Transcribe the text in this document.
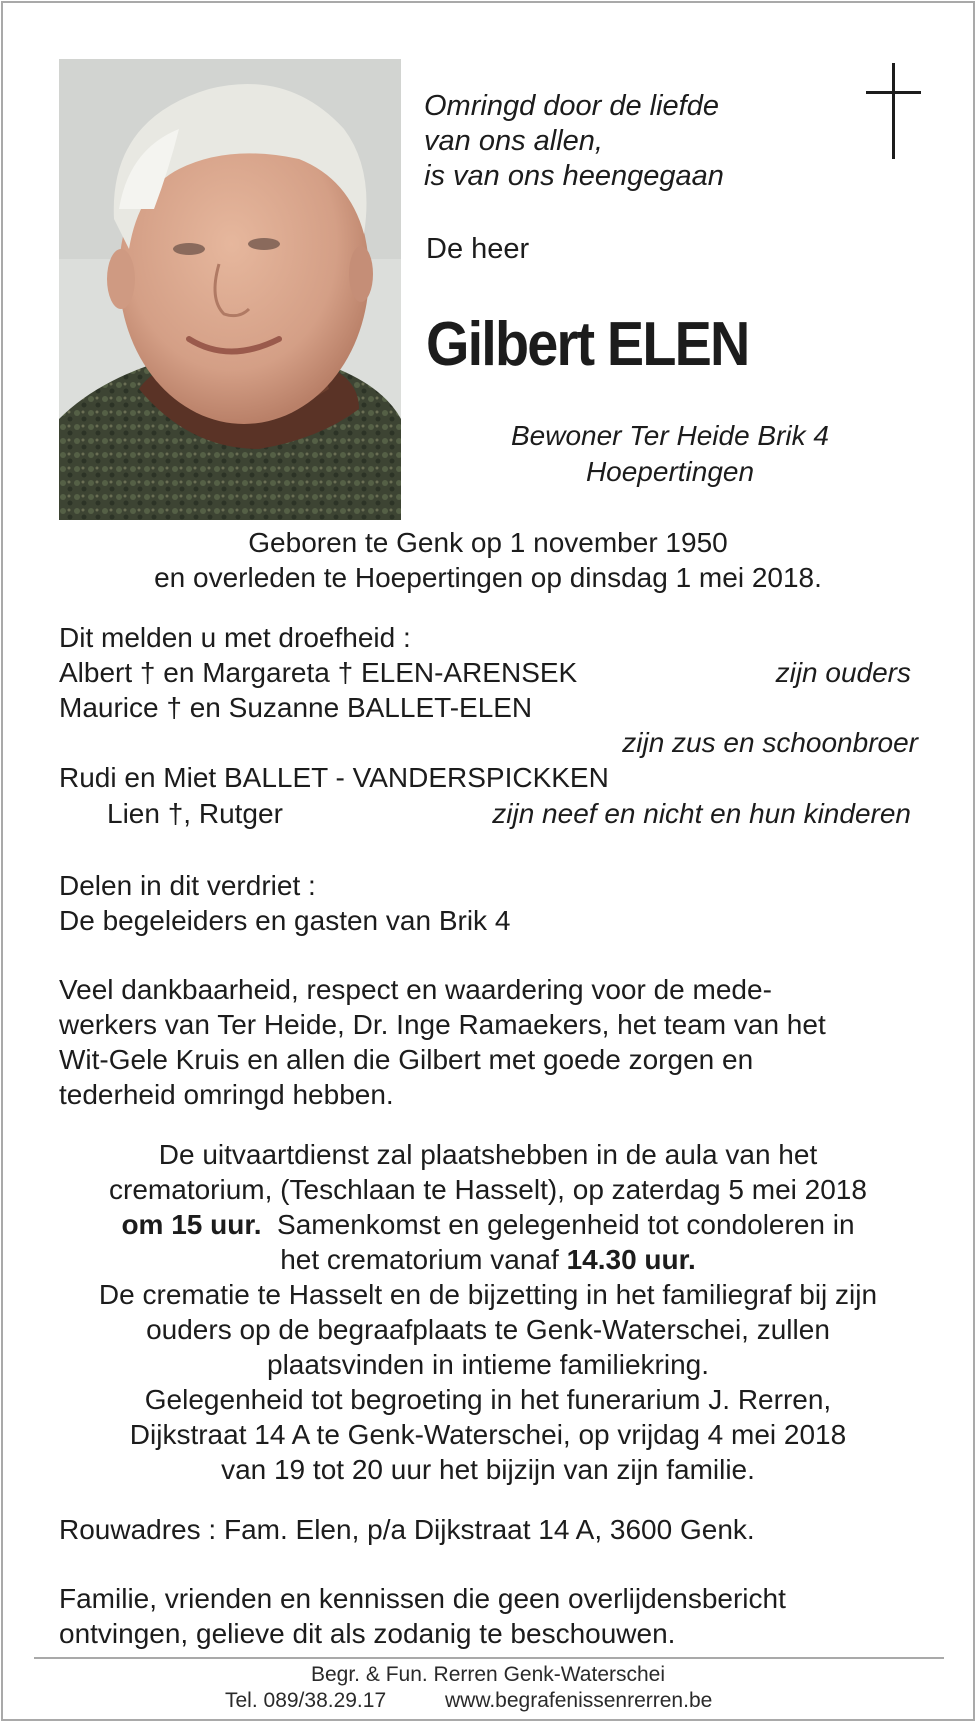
Omringd door de liefde
van ons allen,
is van ons heengegaan
De heer
Gilbert ELEN
Bewoner Ter Heide Brik 4
Hoepertingen
Geboren te Genk op 1 november 1950
en overleden te Hoepertingen op dinsdag 1 mei 2018.
Dit melden u met droefheid :
Albert † en Margareta † ELEN-ARENSEK	zijn ouders
Maurice † en Suzanne BALLET-ELEN
zijn zus en schoonbroer
Rudi en Miet BALLET - VANDERSPICKKEN
Lien †, Rutger	zijn neef en nicht en hun kinderen
Delen in dit verdriet :
De begeleiders en gasten van Brik 4
Veel dankbaarheid, respect en waardering voor de mede-
werkers van Ter Heide, Dr. Inge Ramaekers, het team van het
Wit-Gele Kruis en allen die Gilbert met goede zorgen en
tederheid omringd hebben.
De uitvaartdienst zal plaatshebben in de aula van het
crematorium, (Teschlaan te Hasselt), op zaterdag 5 mei 2018
om 15 uur. Samenkomst en gelegenheid tot condoleren in
het crematorium vanaf 14.30 uur.
De crematie te Hasselt en de bijzetting in het familiegraf bij zijn
ouders op de begraafplaats te Genk-Waterschei, zullen
plaatsvinden in intieme familiekring.
Gelegenheid tot begroeting in het funerarium J. Rerren,
Dijkstraat 14 A te Genk-Waterschei, op vrijdag 4 mei 2018
van 19 tot 20 uur het bijzijn van zijn familie.
Rouwadres : Fam. Elen, p/a Dijkstraat 14 A, 3600 Genk.
Familie, vrienden en kennissen die geen overlijdensbericht
ontvingen, gelieve dit als zodanig te beschouwen.
Begr. & Fun. Rerren Genk-Waterschei
Tel. 089/38.29.17	www.begrafenissenrerren.be
